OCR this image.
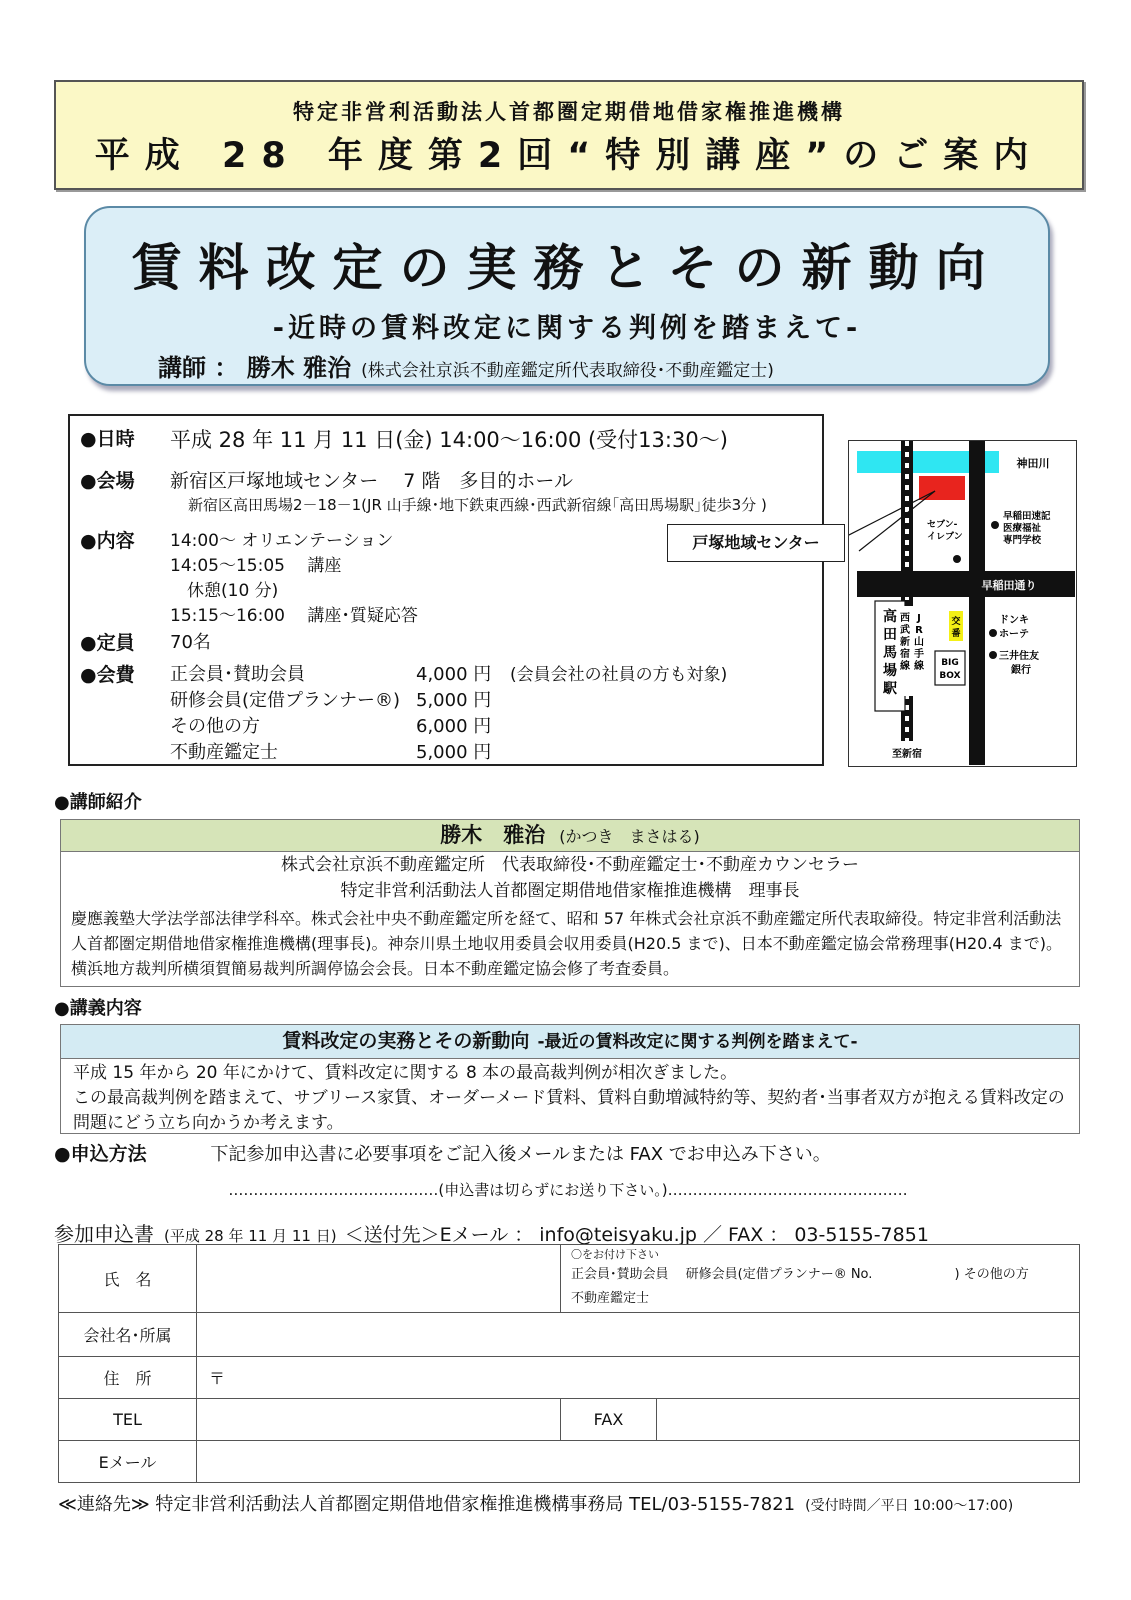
特定非営利活動法人首都圏定期借地借家権推進機構
平成 28 年度第2回“特別講座”のご案内
賃料改定の実務とその新動向
-近時の賃料改定に関する判例を踏まえて-
講師 ： 勝木 雅治 (株式会社京浜不動産鑑定所代表取締役･不動産鑑定士)
●日時 平成 28 年 11 月 11 日(金) 14:00～16:00 (受付13:30～)
●会場 新宿区戸塚地域センター　 7 階　多目的ホール
新宿区高田馬場2－18－1(JR 山手線･地下鉄東西線･西武新宿線｢高田馬場駅｣徒歩3分 )
●内容 14:00～ オリエンテーション
14:05～15:05　 講座
　休憩(10 分)
15:15～16:00　 講座･質疑応答
●定員 70名
●会費 正会員･賛助会員	4,000 円 (会員会社の社員の方も対象)
研修会員(定借プランナー®) 5,000 円
その他の方	6,000 円
不動産鑑定士	5,000 円
神田川
早稲田速記
医療福祉
専門学校
セブン-
イレブン
早稲田通り
交
番
ドンキ
ホーテ
三井住友
銀行
高
田
馬
場
駅
西
武
新
宿
線
J
R
山
手
線 BIG
BOX
至新宿
戸塚地域センター
●講師紹介
勝木　雅治 (かつき　まさはる)
株式会社京浜不動産鑑定所　代表取締役･不動産鑑定士･不動産カウンセラー
特定非営利活動法人首都圏定期借地借家権推進機構　理事長
慶應義塾大学法学部法律学科卒。株式会社中央不動産鑑定所を経て、昭和 57 年株式会社京浜不動産鑑定所代表取締役。特定非営利活動法人首都圏定期借地借家権推進機構(理事長)。神奈川県土地収用委員会収用委員(H20.5 まで)、日本不動産鑑定協会常務理事(H20.4 まで)。横浜地方裁判所横須賀簡易裁判所調停協会会長。日本不動産鑑定協会修了考査委員。
●講義内容
賃料改定の実務とその新動向 -最近の賃料改定に関する判例を踏まえて-
平成 15 年から 20 年にかけて、賃料改定に関する 8 本の最高裁判例が相次ぎました。
この最高裁判例を踏まえて、サブリース家賃、オーダーメード賃料、賃料自動増減特約等、契約者･当事者双方が抱える賃料改定の問題にどう立ち向かうか考えます。
●申込方法	下記参加申込書に必要事項をご記入後メールまたは FAX でお申込み下さい。
……………………………………(申込書は切らずにお送り下さい。)…………………………………………
参加申込書 (平成 28 年 11 月 11 日) ＜送付先＞Eメール ： info@teisyaku.jp ／ FAX ： 03-5155-7851
氏　名		〇をお付け下さい
正会員･賛助会員　 研修会員(定借プランナー® No.　　　　　　 ) その他の方
不動産鑑定士	

会社名･所属			
住　所	〒		
TEL		FAX	
Eメール			
≪連絡先≫ 特定非営利活動法人首都圏定期借地借家権推進機構事務局 TEL/03-5155-7821 (受付時間／平日 10:00～17:00)
